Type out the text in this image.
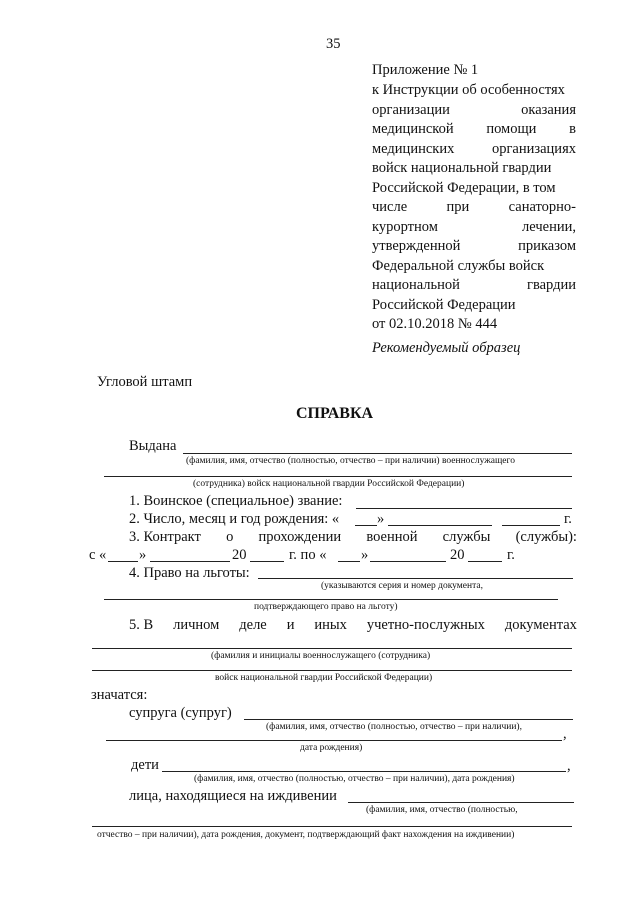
35
Приложение № 1
к Инструкции об особенностях
организации	оказания
медицинской помощи в
медицинских	организациях
войск национальной гвардии
Российской Федерации, в том
числе	при	санаторно-
курортном	лечении,
утвержденной	приказом
Федеральной службы войск
национальной	гвардии
Российской Федерации
от 02.10.2018 № 444
Рекомендуемый образец
Угловой штамп
СПРАВКА
Выдана
(фамилия, имя, отчество (полностью, отчество – при наличии) военнослужащего
(сотрудника) войск национальной гвардии Российской Федерации)
1. Воинское (специальное) звание:
2. Число, месяц и год рождения: «	»	г.
3. Контракт о прохождении военной службы (службы):
с « »	20	г. по « »	20	г.
4. Право на льготы:
(указываются серия и номер документа,
подтверждающего право на льготу)
5. В личном деле и иных учетно-послужных документах
(фамилия и инициалы военнослужащего (сотрудника)
войск национальной гвардии Российской Федерации)
значатся:
супруга (супруг)
(фамилия, имя, отчество (полностью, отчество – при наличии),	,
дата рождения)
дети	,
(фамилия, имя, отчество (полностью, отчество – при наличии), дата рождения)
лица, находящиеся на иждивении
(фамилия, имя, отчество (полностью,
отчество – при наличии), дата рождения, документ, подтверждающий факт нахождения на иждивении)
